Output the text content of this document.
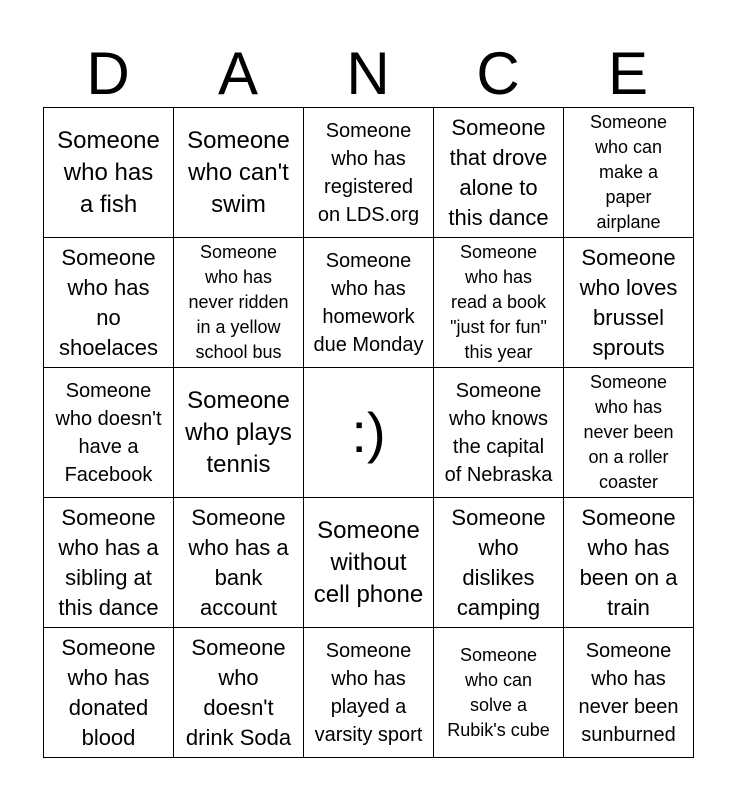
D	A	N	C	E
Someone
who has
a fish	Someone
who can't
swim	Someone
who has
registered
on LDS.org	Someone
that drove
alone to
this dance	Someone
who can
make a
paper
airplane
Someone
who has
no
shoelaces	Someone
who has
never ridden
in a yellow
school bus	Someone
who has
homework
due Monday	Someone
who has
read a book
"just for fun"
this year	Someone
who loves
brussel
sprouts
Someone
who doesn't
have a
Facebook	Someone
who plays
tennis	:)	Someone
who knows
the capital
of Nebraska	Someone
who has
never been
on a roller
coaster
Someone
who has a
sibling at
this dance	Someone
who has a
bank
account	Someone
without
cell phone	Someone
who
dislikes
camping	Someone
who has
been on a
train
Someone
who has
donated
blood	Someone
who
doesn't
drink Soda	Someone
who has
played a
varsity sport	Someone
who can
solve a
Rubik's cube	Someone
who has
never been
sunburned
